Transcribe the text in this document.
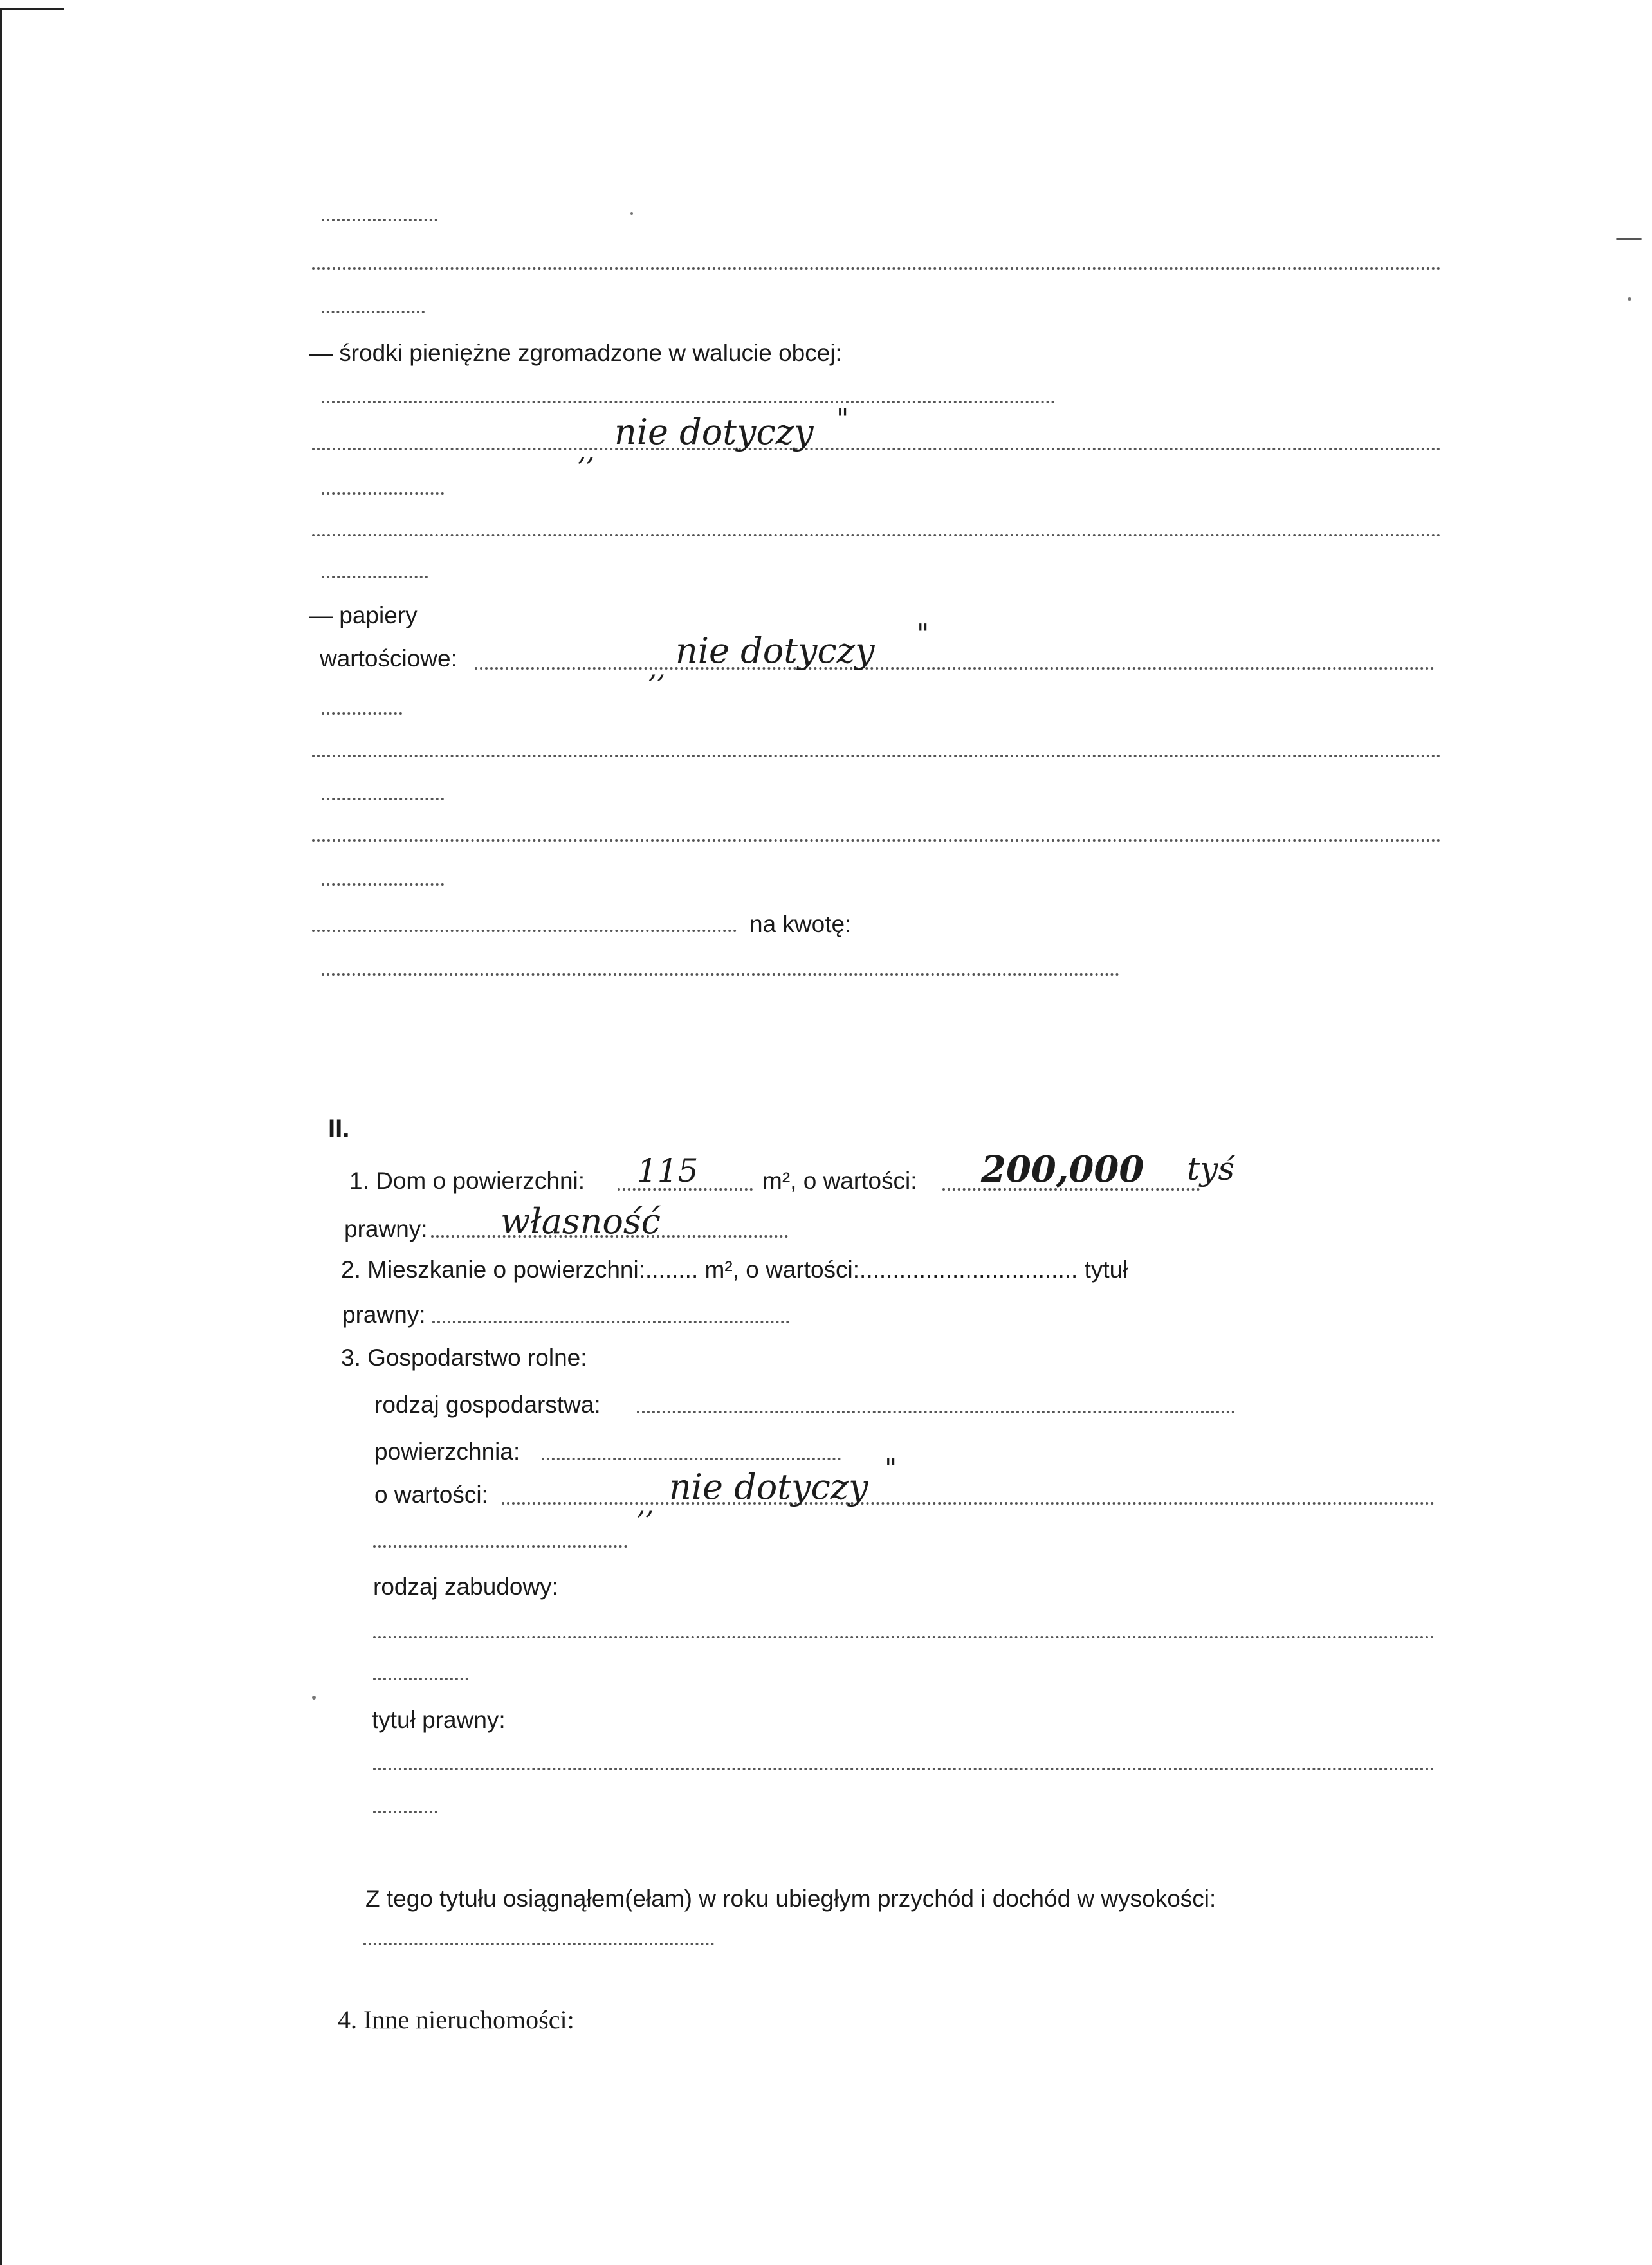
— środki pieniężne zgromadzone w walucie obcej:
,, nie dotyczy "
— papiery
wartościowe:	,, nie dotyczy "
na kwotę:
II.
1. Dom o powierzchni: 115	m², o wartości: 200,000 tyś
prawny: własność
2. Mieszkanie o powierzchni:........ m², o wartości:................................. tytuł
prawny:
3. Gospodarstwo rolne:
rodzaj gospodarstwa:
powierzchnia:
o wartości:	,, nie dotyczy "
rodzaj zabudowy:
tytuł prawny:
Z tego tytułu osiągnąłem(ełam) w roku ubiegłym przychód i dochód w wysokości:
4. Inne nieruchomości:
